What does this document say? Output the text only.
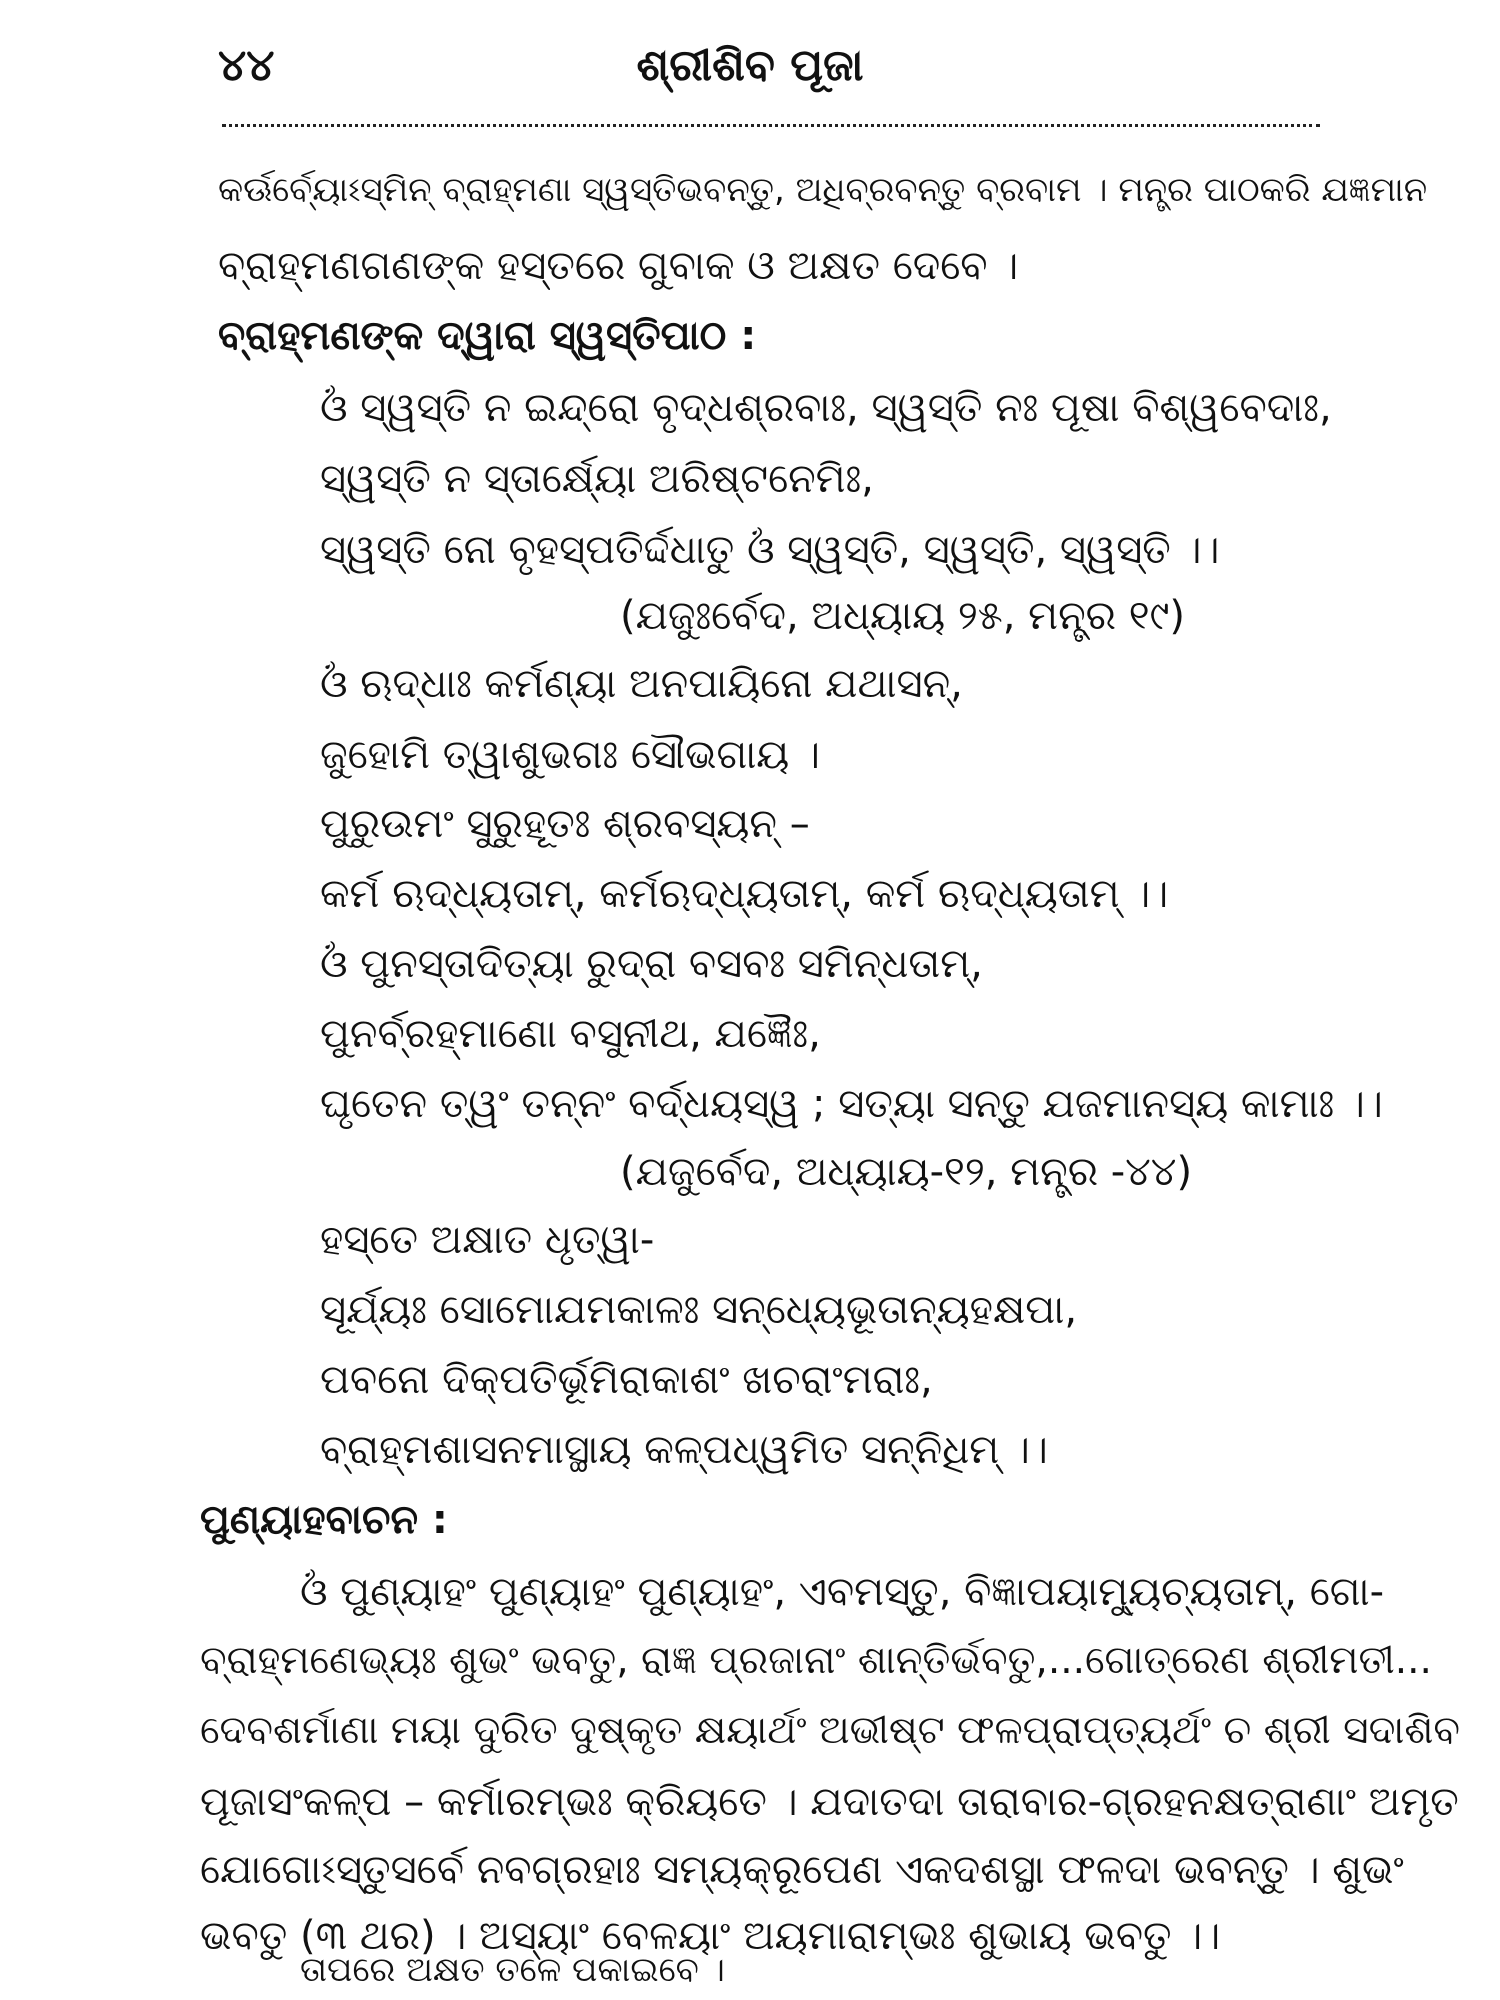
୪୪	ଶ୍ରୀଶିବ ପୂଜା
କର୍ଊର୍ବ୍ୟୋଽସ୍ମିନ୍ ବ୍ରାହ୍ମଣା ସ୍ୱସ୍ତିଭବନ୍ତୁ, ଅଧିବ୍ରବନ୍ତୁ ବ୍ରବାମ । ମନ୍ତ୍ର ପାଠକରି ଯଜ୍ଞମାନ
ବ୍ରାହ୍ମଣଗଣଙ୍କ ହସ୍ତରେ ଗୁବାକ ଓ ଅକ୍ଷତ ଦେବେ ।
ବ୍ରାହ୍ମଣଙ୍କ ଦ୍ୱାରା ସ୍ୱସ୍ତିପାଠ :
ଓଁ ସ୍ୱସ୍ତି ନ ଇନ୍ଦ୍ରୋ ବୃଦ୍ଧଶ୍ରବାଃ, ସ୍ୱସ୍ତି ନଃ ପୂଷା ବିଶ୍ୱବେଦାଃ,
ସ୍ୱସ୍ତି ନ ସ୍ତାର୍କ୍ଷ୍ୟୋ ଅରିଷ୍ଟନେମିଃ,
ସ୍ୱସ୍ତି ନୋ ବୃହସ୍ପତିର୍ଦ୍ଦଧାତୁ ଓଁ ସ୍ୱସ୍ତି, ସ୍ୱସ୍ତି, ସ୍ୱସ୍ତି ।।
(ଯଜୁଃର୍ବେଦ, ଅଧ୍ୟାୟ ୨୫, ମନ୍ତ୍ର ୧୯)
ଓଁ ଋଦ୍ଧାଃ କର୍ମଣ୍ୟା ଅନପାୟିନୋ ଯଥାସନ୍,
ଜୁହୋମି ତ୍ୱାଶୁଭଗଃ ସୌଭଗାୟ ।
ପୁରୁଉମଂ ସୁରୁହୂତଃ ଶ୍ରବସ୍ୟନ୍ –
କର୍ମ ଋଦ୍ଧ୍ୟତାମ୍, କର୍ମଋଦ୍ଧ୍ୟତାମ୍, କର୍ମ ଋଦ୍ଧ୍ୟତାମ୍ ।।
ଓଁ ପୁନସ୍ତାଦିତ୍ୟା ରୁଦ୍ରା ବସବଃ ସମିନ୍ଧତାମ୍,
ପୁନର୍ବ୍ରହ୍ମାଣୋ ବସୁନୀଥ, ଯଜ୍ଞୈଃ,
ଘୃତେନ ତ୍ୱଂ ତନ୍ନଂ ବର୍ଦ୍ଧୟସ୍ୱ ; ସତ୍ୟା ସନ୍ତୁ ଯଜମାନସ୍ୟ କାମାଃ ।।
(ଯଜୁର୍ବେଦ, ଅଧ୍ୟାୟ-୧୨, ମନ୍ତ୍ର -୪୪)
ହସ୍ତେ ଅକ୍ଷାତ ଧୃତ୍ୱା-
ସୂର୍ଯ୍ୟଃ ସୋମୋଯମକାଳଃ ସନ୍ଧ୍ୟେଭୂତାନ୍ୟହକ୍ଷପା,
ପବନୋ ଦିକ୍‌ପତିର୍ଭୂମିରାକାଶଂ ଖଚରାଂମରାଃ,
ବ୍ରାହ୍ମଶାସନମାସ୍ଥାୟ କଳ୍ପଧ୍ୱମିତ ସନ୍ନିଧିମ୍ ।।
ପୁଣ୍ୟାହବାଚନ :
ଓଁ ପୁଣ୍ୟାହଂ ପୁଣ୍ୟାହଂ ପୁଣ୍ୟାହଂ, ଏବମସ୍ତୁ, ବିଜ୍ଞାପୟାମ୍ୟୁଚ୍ୟତାମ୍, ଗୋ-
ବ୍ରାହ୍ମଣେଭ୍ୟଃ ଶୁଭଂ ଭବତୁ, ରାଜ୍ଞ ପ୍ରଜାନାଂ ଶାନ୍ତିର୍ଭବତୁ,...ଗୋତ୍ରେଣ ଶ୍ରୀମତୀ...
ଦେବଶର୍ମାଣା ମୟା ଦୁରିତ ଦୁଷ୍କୃତ କ୍ଷୟାର୍ଥଂ ଅଭୀଷ୍ଟ ଫଳପ୍ରାପ୍ତ୍ୟର୍ଥଂ ଚ ଶ୍ରୀ ସଦାଶିବ
ପୂଜାସଂକଳ୍ପ – କର୍ମାରମ୍ଭଃ କ୍ରିୟତେ । ଯଦାତଦା ତାରାବାର-ଗ୍ରହନକ୍ଷତ୍ରାଣାଂ ଅମୃତ
ଯୋଗୋଽସ୍ତୁସର୍ବେ ନବଗ୍ରହାଃ ସମ୍ୟକ୍ରୂପେଣ ଏକଦଶସ୍ଥା ଫଳଦା ଭବନ୍ତୁ । ଶୁଭଂ
ଭବତୁ (୩ ଥର) । ଅସ୍ୟାଂ ବେଳୟାଂ ଅୟମାରାମ୍ଭଃ ଶୁଭାୟ ଭବତୁ ।।
ତାପରେ ଅକ୍ଷତ ତଳେ ପକାଇବେ ।
